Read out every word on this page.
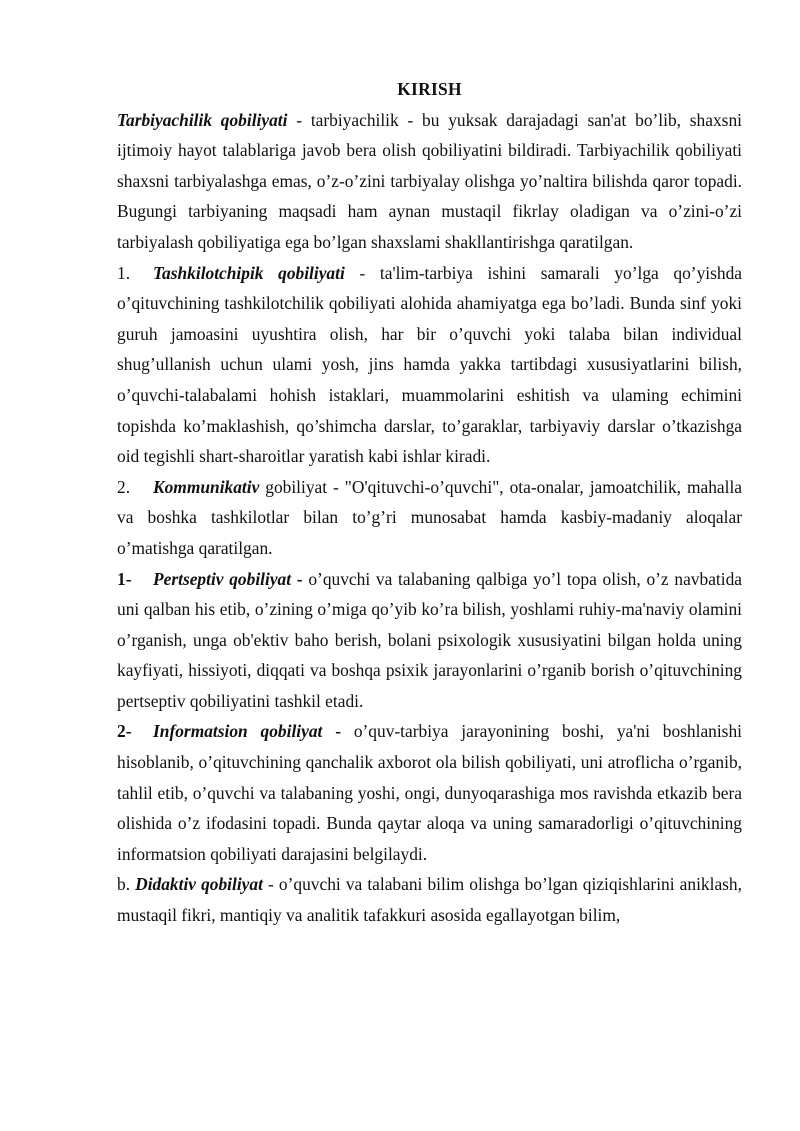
KIRISH

Tarbiyachilik qobiliyati - tarbiyachilik - bu yuksak darajadagi san'at bo’lib, shaxsni ijtimoiy hayot talablariga javob bera olish qobiliyatini bildiradi. Tarbiyachilik qobiliyati shaxsni tarbiyalashga emas, o’z-o’zini tarbiyalay olishga yo’naltira bilishda qaror topadi. Bugungi tarbiyaning maqsadi ham aynan mustaqil fikrlay oladigan va o’zini-o’zi tarbiyalash qobiliyatiga ega bo’lgan shaxslami shakllantirishga qaratilgan.

1. Tashkilotchipik qobiliyati - ta'lim-tarbiya ishini samarali yo’lga qo’yishda o’qituvchining tashkilotchilik qobiliyati alohida ahamiyatga ega bo’ladi. Bunda sinf yoki guruh jamoasini uyushtira olish, har bir o’quvchi yoki talaba bilan individual shug’ullanish uchun ulami yosh, jins hamda yakka tartibdagi xususiyatlarini bilish, o’quvchi-talabalami hohish istaklari, muammolarini eshitish va ulaming echimini topishda ko’maklashish, qo’shimcha darslar, to’garaklar, tarbiyaviy darslar o’tkazishga oid tegishli shart-sharoitlar yaratish kabi ishlar kiradi.

2. Kommunikativ gobiliyat - "O'qituvchi-o’quvchi", ota-onalar, jamoatchilik, mahalla va boshka tashkilotlar bilan to’g’ri munosabat hamda kasbiy-madaniy aloqalar o’matishga qaratilgan.

1- Pertseptiv qobiliyat - o’quvchi va talabaning qalbiga yo’l topa olish, o’z navbatida uni qalban his etib, o’zining o’miga qo’yib ko’ra bilish, yoshlami ruhiy-ma'naviy olamini o’rganish, unga ob'ektiv baho berish, bolani psixologik xususiyatini bilgan holda uning kayfiyati, hissiyoti, diqqati va boshqa psixik jarayonlarini o’rganib borish o’qituvchining pertseptiv qobiliyatini tashkil etadi.

2- Informatsion qobiliyat - o’quv-tarbiya jarayonining boshi, ya'ni boshlanishi hisoblanib, o’qituvchining qanchalik axborot ola bilish qobiliyati, uni atroflicha o’rganib, tahlil etib, o’quvchi va talabaning yoshi, ongi, dunyoqarashiga mos ravishda etkazib bera olishida o’z ifodasini topadi. Bunda qaytar aloqa va uning samaradorligi o’qituvchining informatsion qobiliyati darajasini belgilaydi.

b. Didaktiv qobiliyat - o’quvchi va talabani bilim olishga bo’lgan qiziqishlarini aniklash, mustaqil fikri, mantiqiy va analitik tafakkuri asosida egallayotgan bilim,
